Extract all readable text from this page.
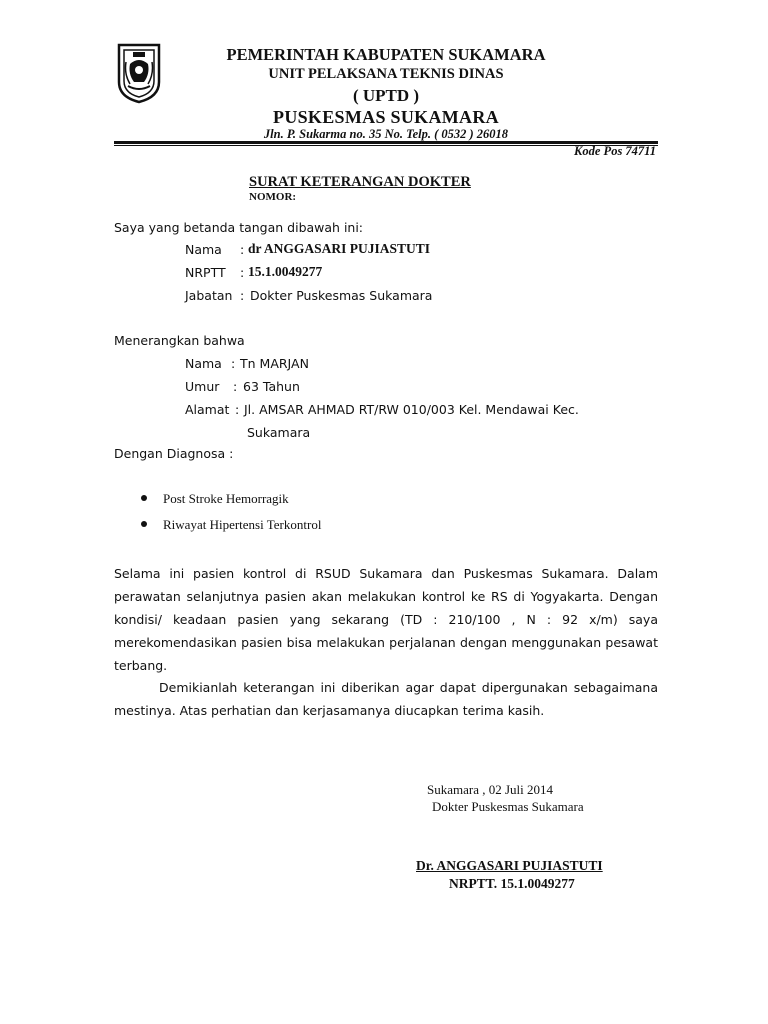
PEMERINTAH KABUPATEN SUKAMARA
UNIT PELAKSANA TEKNIS DINAS
( UPTD )
PUSKESMAS SUKAMARA
Jln. P. Sukarma no. 35 No. Telp. ( 0532 ) 26018
Kode Pos 74711
SURAT KETERANGAN DOKTER
NOMOR:
Saya yang betanda tangan dibawah ini:
Nama : dr ANGGASARI PUJIASTUTI
NRPTT : 15.1.0049277
Jabatan : Dokter Puskesmas Sukamara
Menerangkan bahwa
Nama : Tn MARJAN
Umur : 63 Tahun
Alamat : Jl. AMSAR AHMAD RT/RW 010/003 Kel. Mendawai Kec.
Sukamara
Dengan Diagnosa :
Post Stroke Hemorragik
Riwayat Hipertensi Terkontrol
Selama ini pasien kontrol di RSUD Sukamara dan Puskesmas Sukamara. Dalam perawatan selanjutnya pasien akan melakukan kontrol ke RS di Yogyakarta. Dengan kondisi/ keadaan pasien yang sekarang (TD : 210/100 , N : 92 x/m) saya merekomendasikan pasien bisa melakukan perjalanan dengan menggunakan pesawat terbang.
Demikianlah keterangan ini diberikan agar dapat dipergunakan sebagaimana mestinya. Atas perhatian dan kerjasamanya diucapkan terima kasih.
Sukamara , 02 Juli 2014
Dokter Puskesmas Sukamara
Dr. ANGGASARI PUJIASTUTI
NRPTT. 15.1.0049277
